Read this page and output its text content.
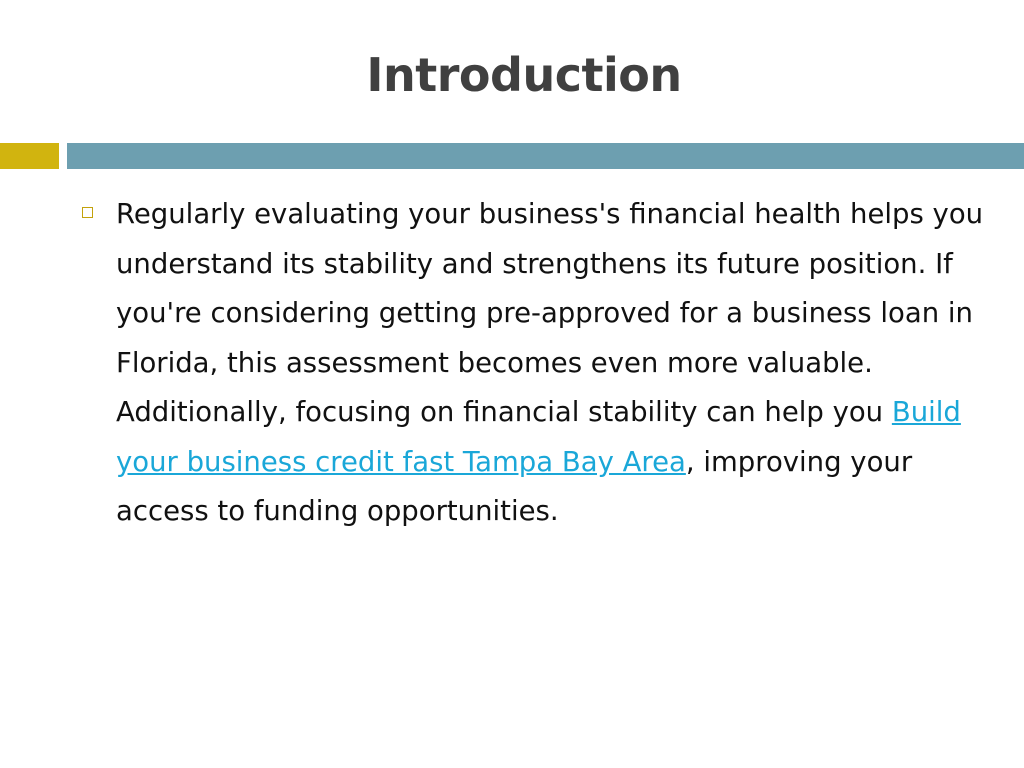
Introduction
Regularly evaluating your business's financial health helps you understand its stability and strengthens its future position. If you're considering getting pre-approved for a business loan in Florida, this assessment becomes even more valuable. Additionally, focusing on financial stability can help you Build your business credit fast Tampa Bay Area, improving your access to funding opportunities.
